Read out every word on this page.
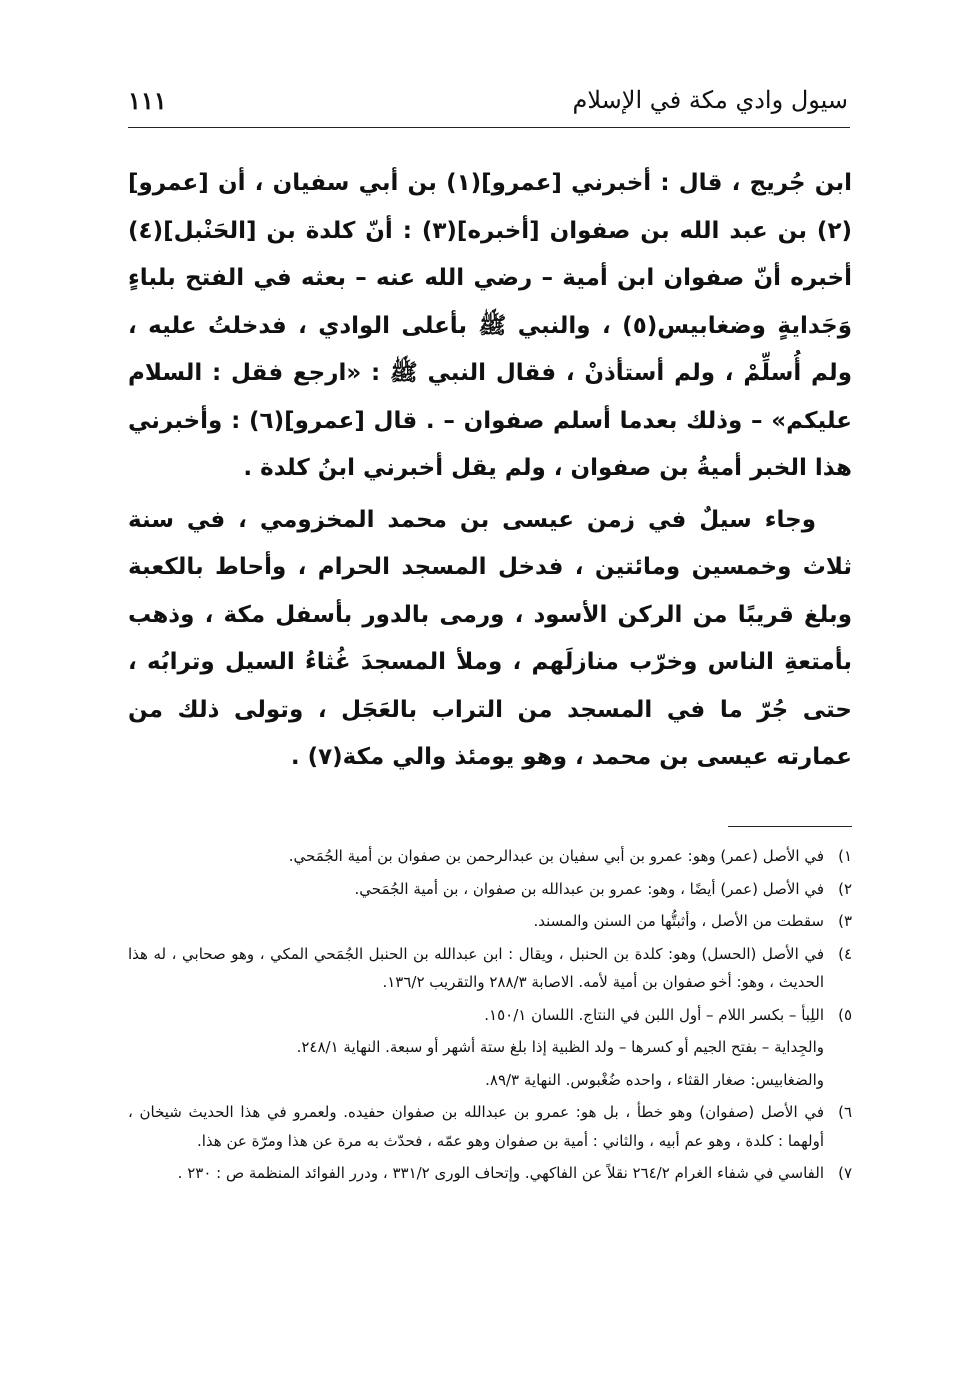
سيول وادي مكة في الإسلام
١١١

ابن جُريج ، قال : أخبرني [عمرو](١) بن أبي سفيان ، أن [عمرو](٢) بن عبد الله بن صفوان [أخبره](٣) : أنّ كلدة بن [الحَنْبل](٤) أخبره أنّ صفوان ابن أمية – رضي الله عنه – بعثه في الفتح بلباءٍ وَجَدايةٍ وضغابيس(٥) ، والنبي ﷺ بأعلى الوادي ، فدخلتُ عليه ، ولم أُسلِّمْ ، ولم أستأذنْ ، فقال النبي ﷺ : «ارجع فقل : السلام عليكم» – وذلك بعدما أسلم صفوان – . قال [عمرو](٦) : وأخبرني هذا الخبر أميةُ بن صفوان ، ولم يقل أخبرني ابنُ كلدة .

وجاء سيلٌ في زمن عيسى بن محمد المخزومي ، في سنة ثلاث وخمسين ومائتين ، فدخل المسجد الحرام ، وأحاط بالكعبة وبلغ قريبًا من الركن الأسود ، ورمى بالدور بأسفل مكة ، وذهب بأمتعةِ الناس وخرّب منازلَهم ، وملأ المسجدَ غُثاءُ السيل وترابُه ، حتى جُرّ ما في المسجد من التراب بالعَجَل ، وتولى ذلك من عمارته عيسى بن محمد ، وهو يومئذ والي مكة(٧) .

١)
في الأصل (عمر) وهو: عمرو بن أبي سفيان بن عبدالرحمن بن صفوان بن أمية الجُمَحي.
٢)
في الأصل (عمر) أيضًا ، وهو: عمرو بن عبدالله بن صفوان ، بن أمية الجُمَحي.
٣)
سقطت من الأصل ، وأثبتُّها من السنن والمسند.
٤)
في الأصل (الحسل) وهو: كلدة بن الحنبل ، ويقال : ابن عبدالله بن الحنبل الجُمَحي المكي ، وهو صحابي ، له هذا الحديث ، وهو: أخو صفوان بن أمية لأمه. الاصابة ٢٨٨/٣ والتقريب ١٣٦/٢.
٥)
اللِبأ – بكسر اللام – أول اللبن في النتاج. اللسان ١٥٠/١.
والجِداية – بفتح الجيم أو كسرها – ولد الظبية إذا بلغ ستة أشهر أو سبعة. النهاية ٢٤٨/١.
والضغابيس: صغار القثاء ، واحده ضُغْبوس. النهاية ٨٩/٣.
٦)
في الأصل (صفوان) وهو خطأ ، بل هو: عمرو بن عبدالله بن صفوان حفيده. ولعمرو في هذا الحديث شيخان ، أولهما : كلدة ، وهو عم أبيه ، والثاني : أمية بن صفوان وهو عمّه ، فحدّث به مرة عن هذا ومرّة عن هذا.
٧)
الفاسي في شفاء الغرام ٢٦٤/٢ نقلاً عن الفاكهي. وإتحاف الورى ٣٣١/٢ ، ودرر الفوائد المنظمة ص : ٢٣٠ .
